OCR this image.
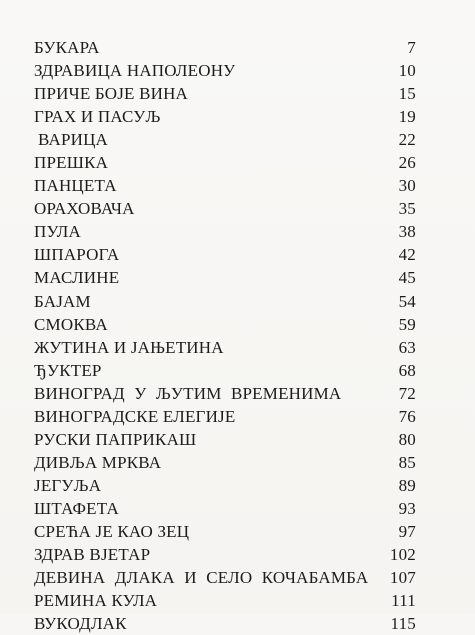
БУКАРА	7
ЗДРАВИЦА НАПОЛЕОНУ	10
ПРИЧЕ БОЈЕ ВИНА	15
ГРАХ И ПАСУЉ	19
ВАРИЦА	22
ПРЕШКА	26
ПАНЦЕТА	30
ОРАХОВАЧА	35
ПУЛА	38
ШПАРОГА	42
МАСЛИНЕ	45
БАЈАМ	54
СМОКВА	59
ЖУТИНА И ЈАЊЕТИНА	63
ЂУКТЕР	68
ВИНОГРАД У ЉУТИМ ВРЕМЕНИМА	72
ВИНОГРАДСКЕ ЕЛЕГИЈЕ	76
РУСКИ ПАПРИКАШ	80
ДИВЉА МРКВА	85
ЈЕГУЉА	89
ШТАФЕТА	93
СРЕЋА ЈЕ КАО ЗЕЦ	97
ЗДРАВ ВЈЕТАР	102
ДЕВИНА ДЛАКА И СЕЛО КОЧАБАМБА 107
РЕМИНА КУЛА	111
ВУКОДЛАК	115
